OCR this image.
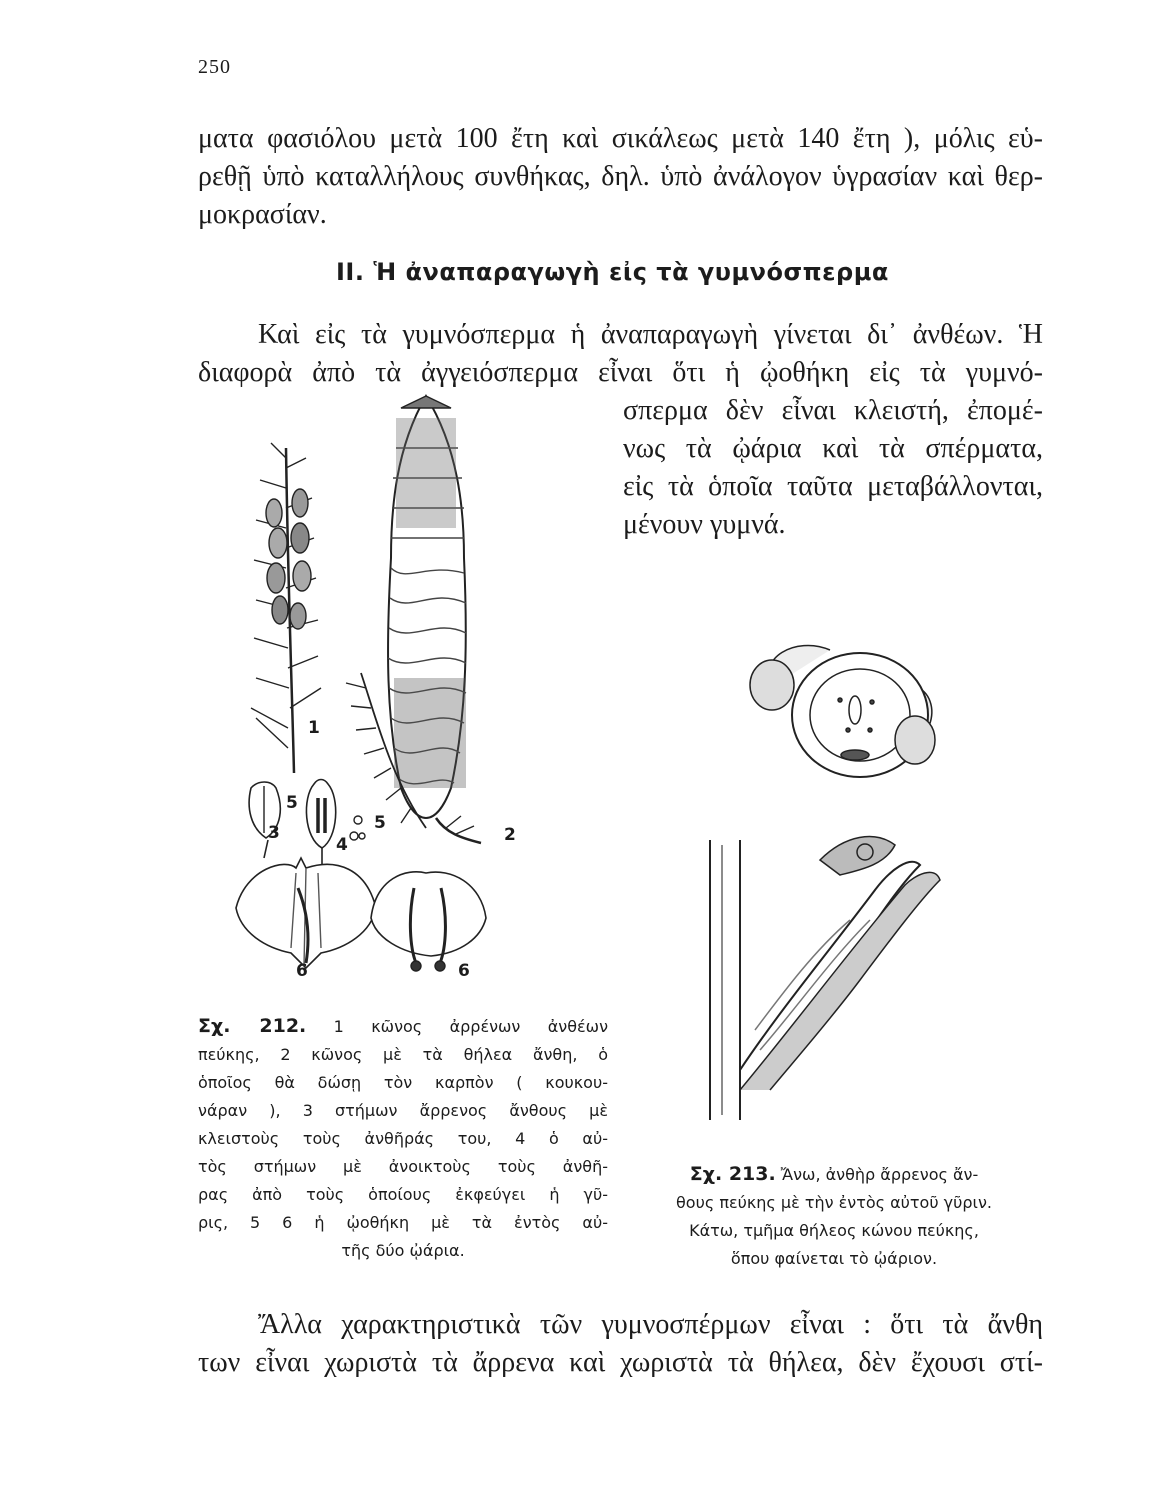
250
ματα φασιόλου μετὰ 100 ἔτη καὶ σικάλεως μετὰ 140 ἔτη ), μόλις εὑ-
ρεθῇ ὑπὸ καταλλήλους συνθήκας, δηλ. ὑπὸ ἀνάλογον ὑγρασίαν καὶ θερ-
μοκρασίαν.
II. Ἡ ἀναπαραγωγὴ εἰς τὰ γυμνόσπερμα
Καὶ εἰς τὰ γυμνόσπερμα ἡ ἀναπαραγωγὴ γίνεται δι᾽ ἀνθέων. Ἡ
διαφορὰ ἀπὸ τὰ ἀγγειόσπερμα εἶναι ὅτι ἡ ᾠοθήκη εἰς τὰ γυμνό-
σπερμα δὲν εἶναι κλειστή, ἐπομέ-
νως τὰ ᾠάρια καὶ τὰ σπέρματα,
εἰς τὰ ὁποῖα ταῦτα μεταβάλλονται,
μένουν γυμνά.
1
2
3
4
5
5
6	6
Σχ. 212. 1 κῶνος ἀρρένων ἀνθέων
πεύκης, 2 κῶνος μὲ τὰ θήλεα ἄνθη, ὁ
ὁποῖος θὰ δώσῃ τὸν καρπὸν ( κουκου-
νάραν ), 3 στήμων ἄρρενος ἄνθους μὲ
κλειστοὺς τοὺς ἀνθῆράς του, 4 ὁ αὐ-
τὸς στήμων μὲ ἀνοικτοὺς τοὺς ἀνθῆ-
ρας ἀπὸ τοὺς ὁποίους ἐκφεύγει ἡ γῦ-
ρις, 5 6 ἡ ᾠοθήκη μὲ τὰ ἐντὸς αὐ-
τῆς δύο ᾠάρια.
Σχ. 213. Ἄνω, ἀνθὴρ ἄρρενος ἄν-
θους πεύκης μὲ τὴν ἐντὸς αὐτοῦ γῦριν.
Κάτω, τμῆμα θήλεος κώνου πεύκης,
ὅπου φαίνεται τὸ ᾠάριον.
Ἄλλα χαρακτηριστικὰ τῶν γυμνοσπέρμων εἶναι : ὅτι τὰ ἄνθη
των εἶναι χωριστὰ τὰ ἄρρενα καὶ χωριστὰ τὰ θήλεα, δὲν ἔχουσι στί-
